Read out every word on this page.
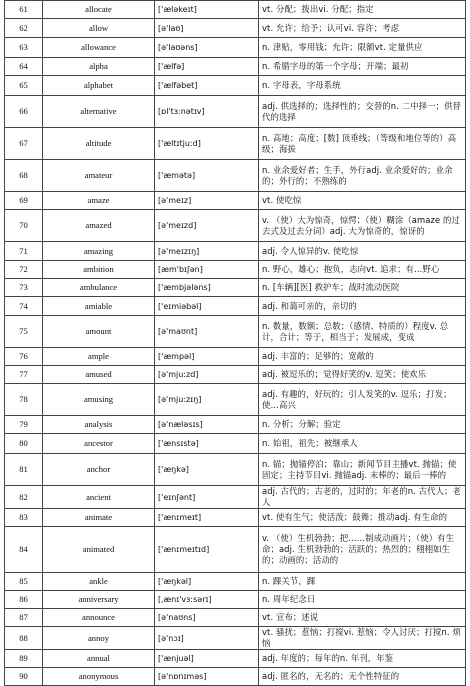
61	allocate	['æləkeɪt]	vt. 分配；拨出vi. 分配；指定
62	allow	[ə'laʊ]	vt. 允许；给予；认可vi. 容许；考虑
63	allowance	[ə'laʊəns]	n. 津贴，零用钱；允许；限额vt. 定量供应
64	alpha	['ælfə]	n. 希腊字母的第一个字母；开端；最初
65	alphabet	['ælfəbet]	n. 字母表，字母系统
66	alternative	[ɒl'tɜːnətɪv]	adj. 供选择的；选择性的；交替的n. 二中择一；供替代的选择
67	altitude	['æltɪtjuːd]	n. 高地；高度；[数] 顶垂线；（等级和地位等的）高级；海拔
68	amateur	['æmətə]	n. 业余爱好者；生手，外行adj. 业余爱好的；业余的；外行的；不熟练的
69	amaze	[ə'meɪz]	vt. 使吃惊
70	amazed	[ə'meɪzd]	v. （使）大为惊奇，惊愕；（使）糊涂（amaze 的过去式及过去分词）adj. 大为惊奇的，惊讶的
71	amazing	[ə'meɪzɪŋ]	adj. 令人惊异的v. 使吃惊
72	ambition	[æm'bɪʃən]	n. 野心，雄心；抱负，志向vt. 追求；有…野心
73	ambulance	['æmbjələns]	n. [车辆][医] 救护车；战时流动医院
74	amiable	['eɪmiəbəl]	adj. 和蔼可亲的，亲切的
75	amount	[ə'maʊnt]	n. 数量，数额；总数；（感情、特质的）程度v. 总计，合计；等于，相当于；发展成，变成
76	ample	['æmpəl]	adj. 丰富的；足够的；宽敞的
77	amused	[ə'mjuːzd]	adj. 被逗乐的；觉得好笑的v. 逗笑；使欢乐
78	amusing	[ə'mjuːzɪŋ]	adj. 有趣的，好玩的；引人发笑的v. 逗乐；打发；使…高兴
79	analysis	[ə'næləsɪs]	n. 分析；分解；验定
80	ancestor	['ænsɪstə]	n. 始祖，祖先；被继承人
81	anchor	['æŋkə]	n. 锚；抛锚停泊；靠山；新闻节目主播vt. 抛锚；使固定；主持节目vi. 抛锚adj. 末棒的；最后一棒的
82	ancient	['eɪnʃənt]	adj. 古代的；古老的，过时的；年老的n. 古代人；老人
83	animate	['ænɪmeɪt]	vt. 使有生气；使活泼；鼓舞；推动adj. 有生命的
84	animated	['ænɪmeɪtɪd]	v. （使）生机勃勃；把……制成动画片；（使）有生命；adj. 生机勃勃的；活跃的；热烈的；栩栩如生的；动画的；活动的
85	ankle	['æŋkəl]	n. 踝关节，踝
86	anniversary	[ˌænɪ'vɜːsərɪ]	n. 周年纪念日
87	announce	[ə'naʊns]	vt. 宣布；述说
88	annoy	[ə'nɔɪ]	vt. 骚扰；惹恼；打搅vi. 惹恼；令人讨厌；打搅n. 烦恼
89	annual	['ænjuəl]	adj. 年度的；每年的n. 年刊，年鉴
90	anonymous	[ə'nɒnɪməs]	adj. 匿名的，无名的；无个性特征的
